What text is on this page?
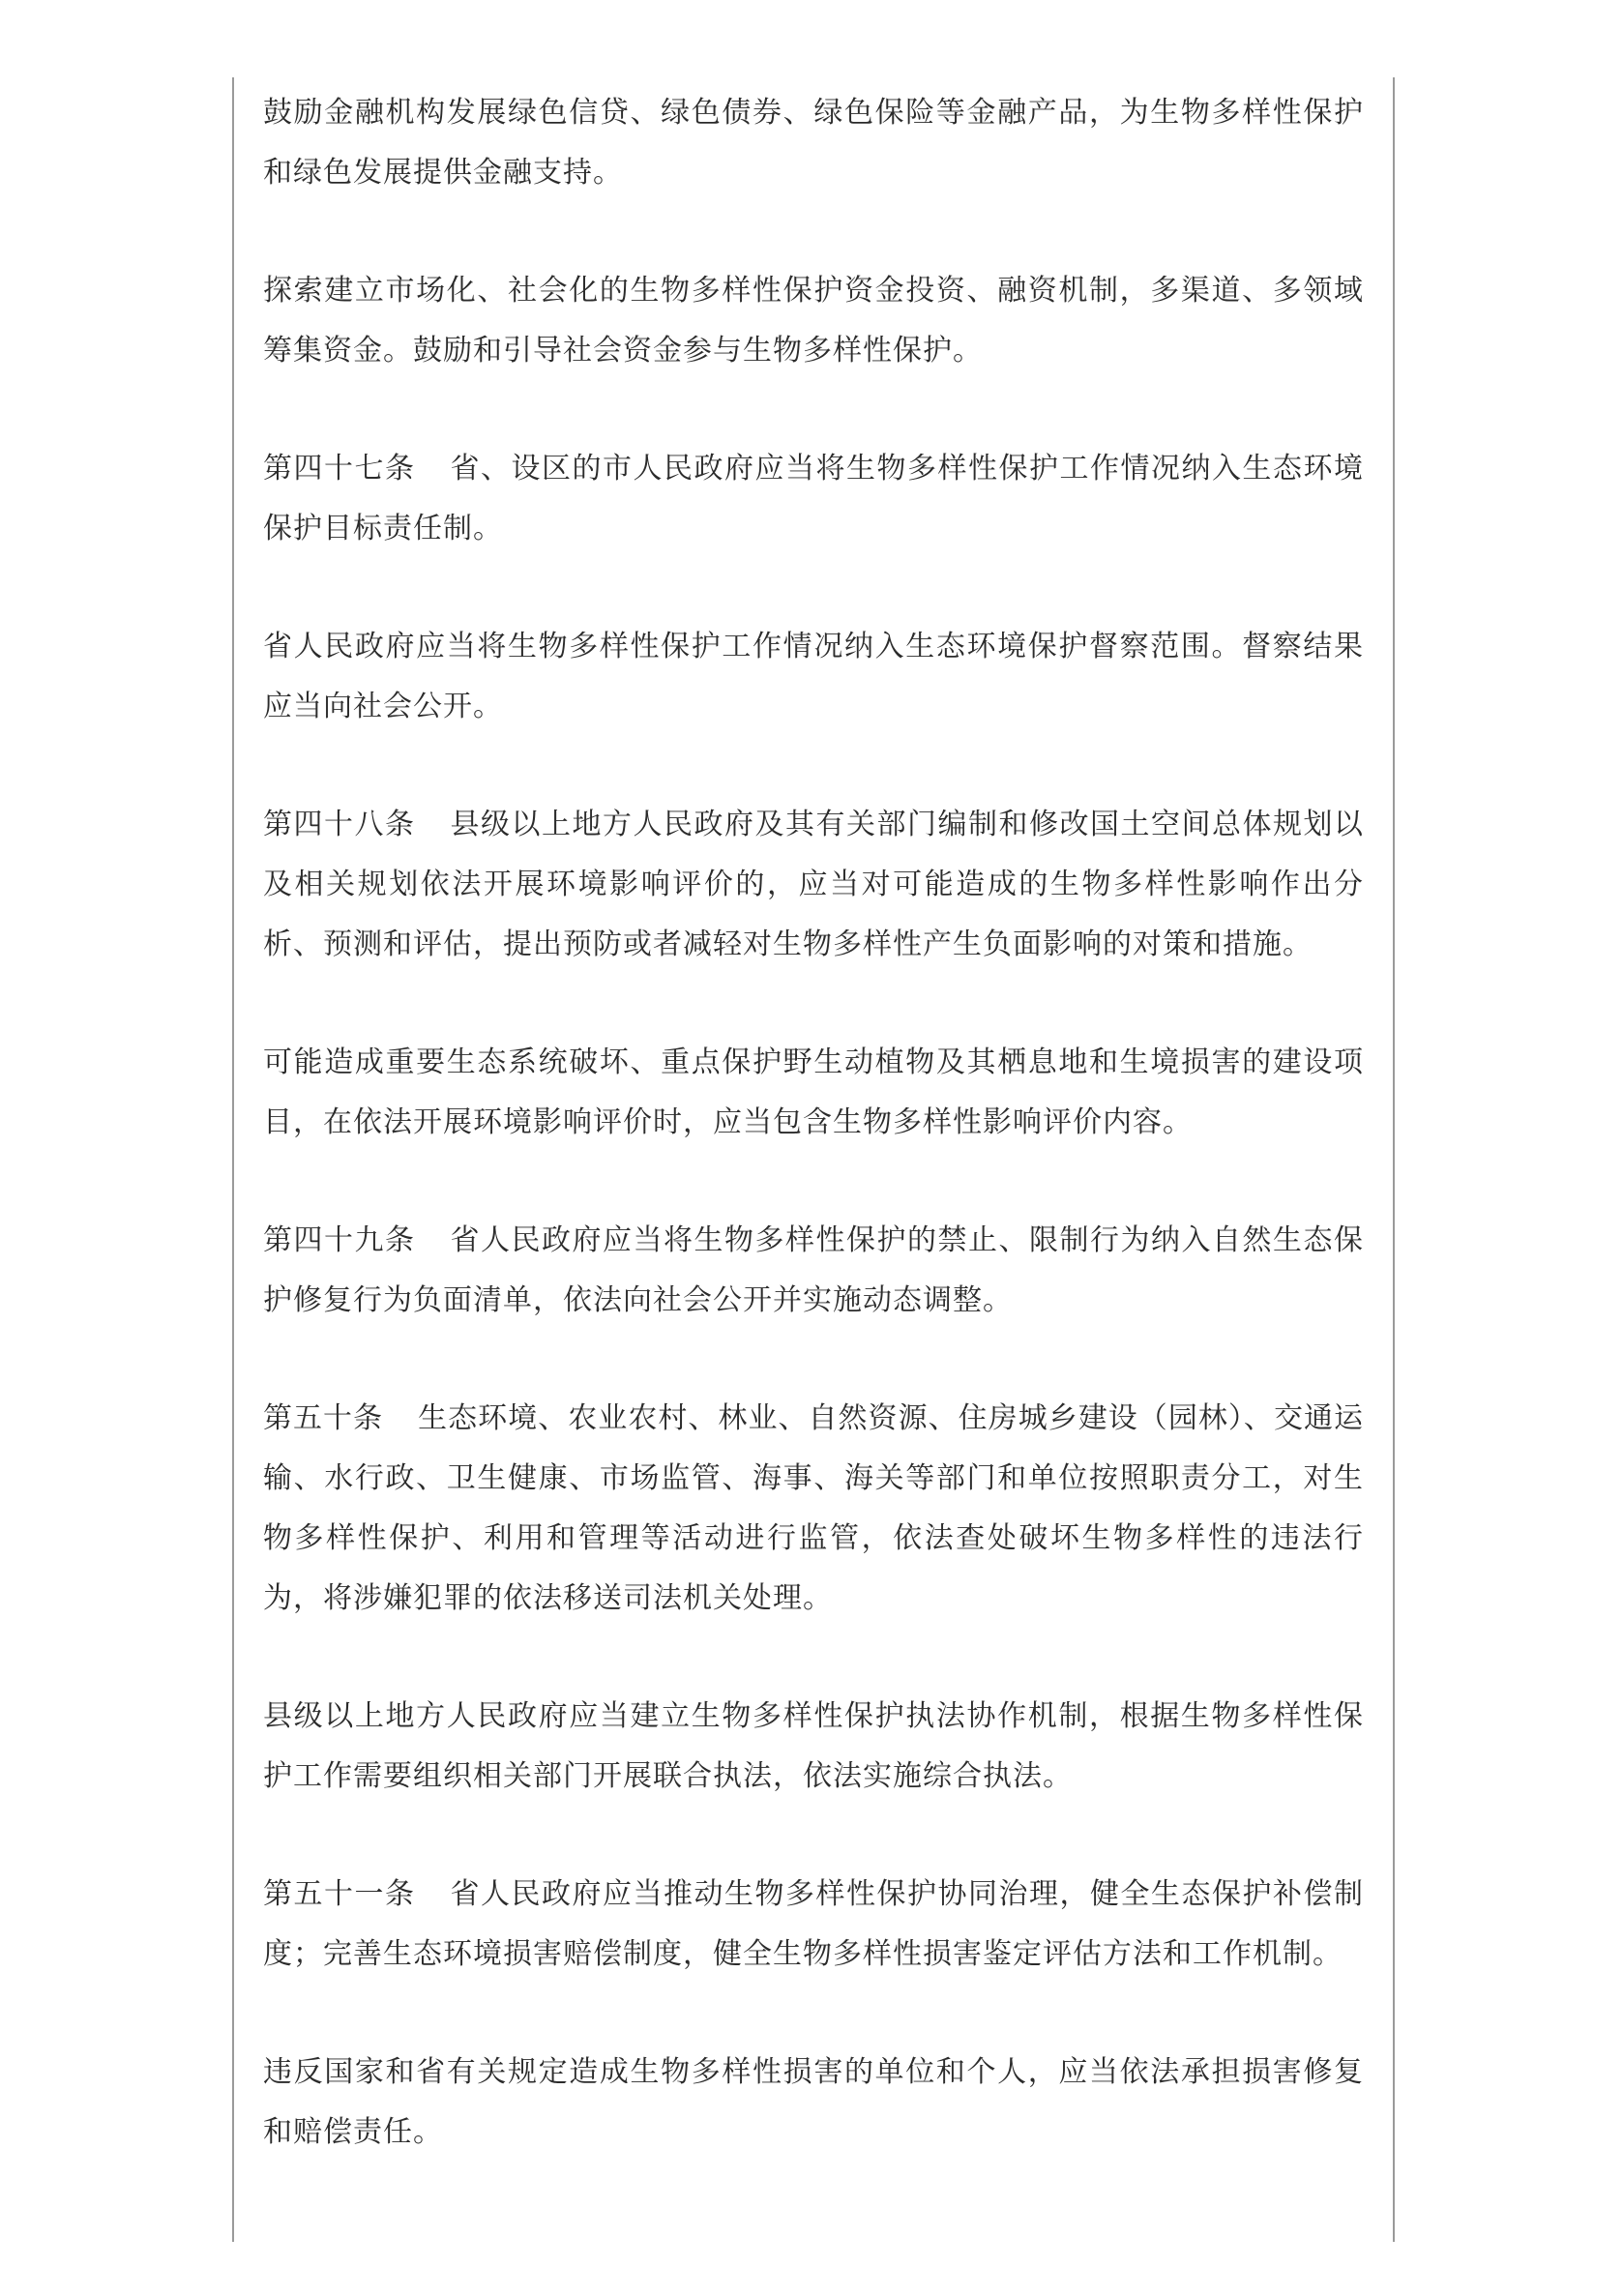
鼓励金融机构发展绿色信贷、绿色债券、绿色保险等金融产品，为生物多样性保护和绿色发展提供金融支持。

探索建立市场化、社会化的生物多样性保护资金投资、融资机制，多渠道、多领域筹集资金。鼓励和引导社会资金参与生物多样性保护。

第四十七条 省、设区的市人民政府应当将生物多样性保护工作情况纳入生态环境保护目标责任制。

省人民政府应当将生物多样性保护工作情况纳入生态环境保护督察范围。督察结果应当向社会公开。

第四十八条 县级以上地方人民政府及其有关部门编制和修改国土空间总体规划以及相关规划依法开展环境影响评价的，应当对可能造成的生物多样性影响作出分析、预测和评估，提出预防或者减轻对生物多样性产生负面影响的对策和措施。

可能造成重要生态系统破坏、重点保护野生动植物及其栖息地和生境损害的建设项目，在依法开展环境影响评价时，应当包含生物多样性影响评价内容。

第四十九条 省人民政府应当将生物多样性保护的禁止、限制行为纳入自然生态保护修复行为负面清单，依法向社会公开并实施动态调整。

第五十条 生态环境、农业农村、林业、自然资源、住房城乡建设（园林）、交通运输、水行政、卫生健康、市场监管、海事、海关等部门和单位按照职责分工，对生物多样性保护、利用和管理等活动进行监管，依法查处破坏生物多样性的违法行为，将涉嫌犯罪的依法移送司法机关处理。

县级以上地方人民政府应当建立生物多样性保护执法协作机制，根据生物多样性保护工作需要组织相关部门开展联合执法，依法实施综合执法。

第五十一条 省人民政府应当推动生物多样性保护协同治理，健全生态保护补偿制度；完善生态环境损害赔偿制度，健全生物多样性损害鉴定评估方法和工作机制。

违反国家和省有关规定造成生物多样性损害的单位和个人，应当依法承担损害修复和赔偿责任。
